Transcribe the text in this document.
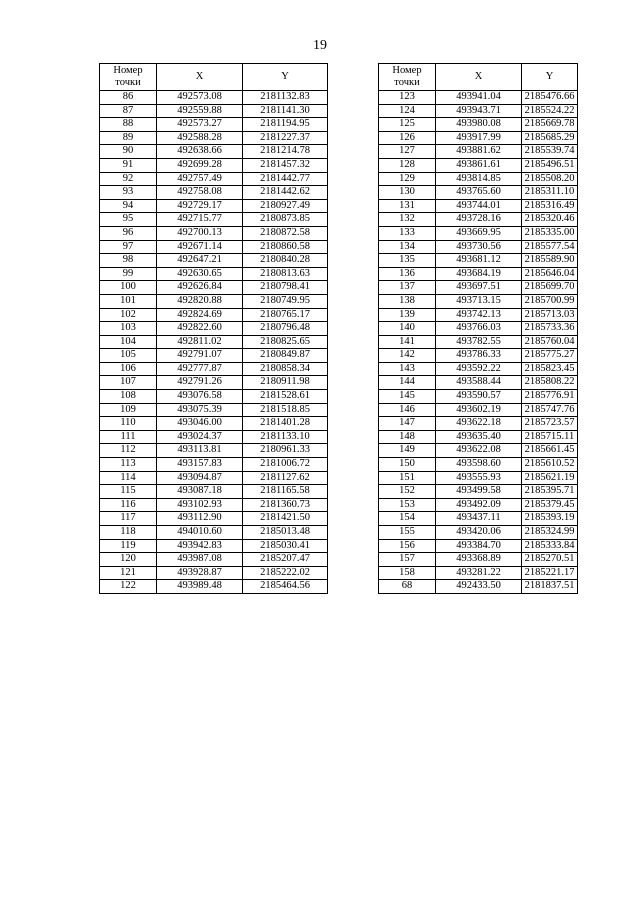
19
Номер
точки	X	Y
86	492573.08	2181132.83
87	492559.88	2181141.30
88	492573.27	2181194.95
89	492588.28	2181227.37
90	492638.66	2181214.78
91	492699.28	2181457.32
92	492757.49	2181442.77
93	492758.08	2181442.62
94	492729.17	2180927.49
95	492715.77	2180873.85
96	492700.13	2180872.58
97	492671.14	2180860.58
98	492647.21	2180840.28
99	492630.65	2180813.63
100	492626.84	2180798.41
101	492820.88	2180749.95
102	492824.69	2180765.17
103	492822.60	2180796.48
104	492811.02	2180825.65
105	492791.07	2180849.87
106	492777.87	2180858.34
107	492791.26	2180911.98
108	493076.58	2181528.61
109	493075.39	2181518.85
110	493046.00	2181401.28
111	493024.37	2181133.10
112	493113.81	2180961.33
113	493157.83	2181006.72
114	493094.87	2181127.62
115	493087.18	2181165.58
116	493102.93	2181360.73
117	493112.90	2181421.50
118	494010.60	2185013.48
119	493942.83	2185030.41
120	493987.08	2185207.47
121	493928.87	2185222.02
122	493989.48	2185464.56
Номер
точки	X	Y
123	493941.04	2185476.66
124	493943.71	2185524.22
125	493980.08	2185669.78
126	493917.99	2185685.29
127	493881.62	2185539.74
128	493861.61	2185496.51
129	493814.85	2185508.20
130	493765.60	2185311.10
131	493744.01	2185316.49
132	493728.16	2185320.46
133	493669.95	2185335.00
134	493730.56	2185577.54
135	493681.12	2185589.90
136	493684.19	2185646.04
137	493697.51	2185699.70
138	493713.15	2185700.99
139	493742.13	2185713.03
140	493766.03	2185733.36
141	493782.55	2185760.04
142	493786.33	2185775.27
143	493592.22	2185823.45
144	493588.44	2185808.22
145	493590.57	2185776.91
146	493602.19	2185747.76
147	493622.18	2185723.57
148	493635.40	2185715.11
149	493622.08	2185661.45
150	493598.60	2185610.52
151	493555.93	2185621.19
152	493499.58	2185395.71
153	493492.09	2185379.45
154	493437.11	2185393.19
155	493420.06	2185324.99
156	493384.70	2185333.84
157	493368.89	2185270.51
158	493281.22	2185221.17
68	492433.50	2181837.51
